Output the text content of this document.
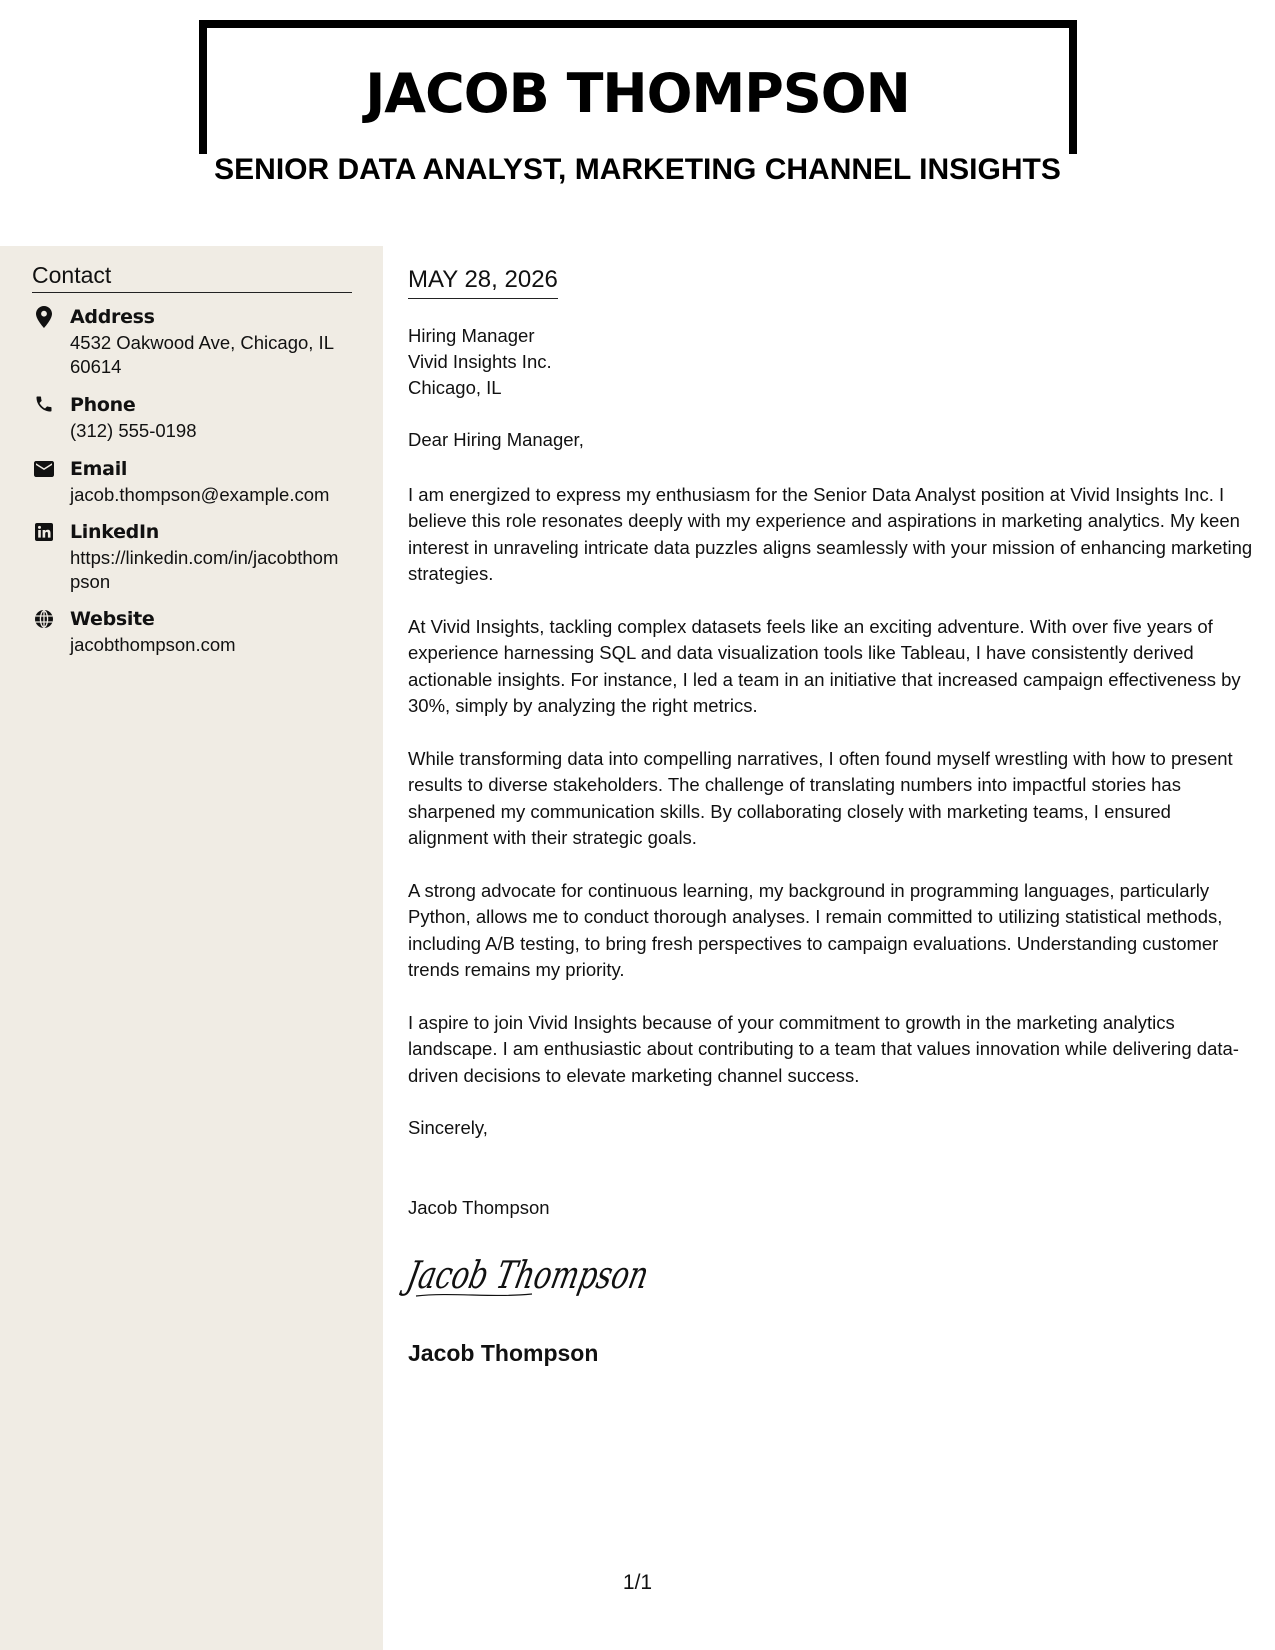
JACOB THOMPSON
SENIOR DATA ANALYST, MARKETING CHANNEL INSIGHTS
Contact
Address
4532 Oakwood Ave, Chicago, IL 60614
Phone
(312) 555-0198
Email
jacob.thompson@example.com
LinkedIn
https://linkedin.com/in/jacobthompson
Website
jacobthompson.com
MAY 28, 2026
Hiring Manager
Vivid Insights Inc.
Chicago, IL
Dear Hiring Manager,

I am energized to express my enthusiasm for the Senior Data Analyst position at Vivid Insights Inc. I believe this role resonates deeply with my experience and aspirations in marketing analytics. My keen interest in unraveling intricate data puzzles aligns seamlessly with your mission of enhancing marketing strategies.

At Vivid Insights, tackling complex datasets feels like an exciting adventure. With over five years of experience harnessing SQL and data visualization tools like Tableau, I have consistently derived actionable insights. For instance, I led a team in an initiative that increased campaign effectiveness by 30%, simply by analyzing the right metrics.

While transforming data into compelling narratives, I often found myself wrestling with how to present results to diverse stakeholders. The challenge of translating numbers into impactful stories has sharpened my communication skills. By collaborating closely with marketing teams, I ensured alignment with their strategic goals.

A strong advocate for continuous learning, my background in programming languages, particularly Python, allows me to conduct thorough analyses. I remain committed to utilizing statistical methods, including A/B testing, to bring fresh perspectives to campaign evaluations. Understanding customer trends remains my priority.

I aspire to join Vivid Insights because of your commitment to growth in the marketing analytics landscape. I am enthusiastic about contributing to a team that values innovation while delivering data-driven decisions to elevate marketing channel success.

Sincerely,
Jacob Thompson
Jacob Thompson
Jacob Thompson
1/1
